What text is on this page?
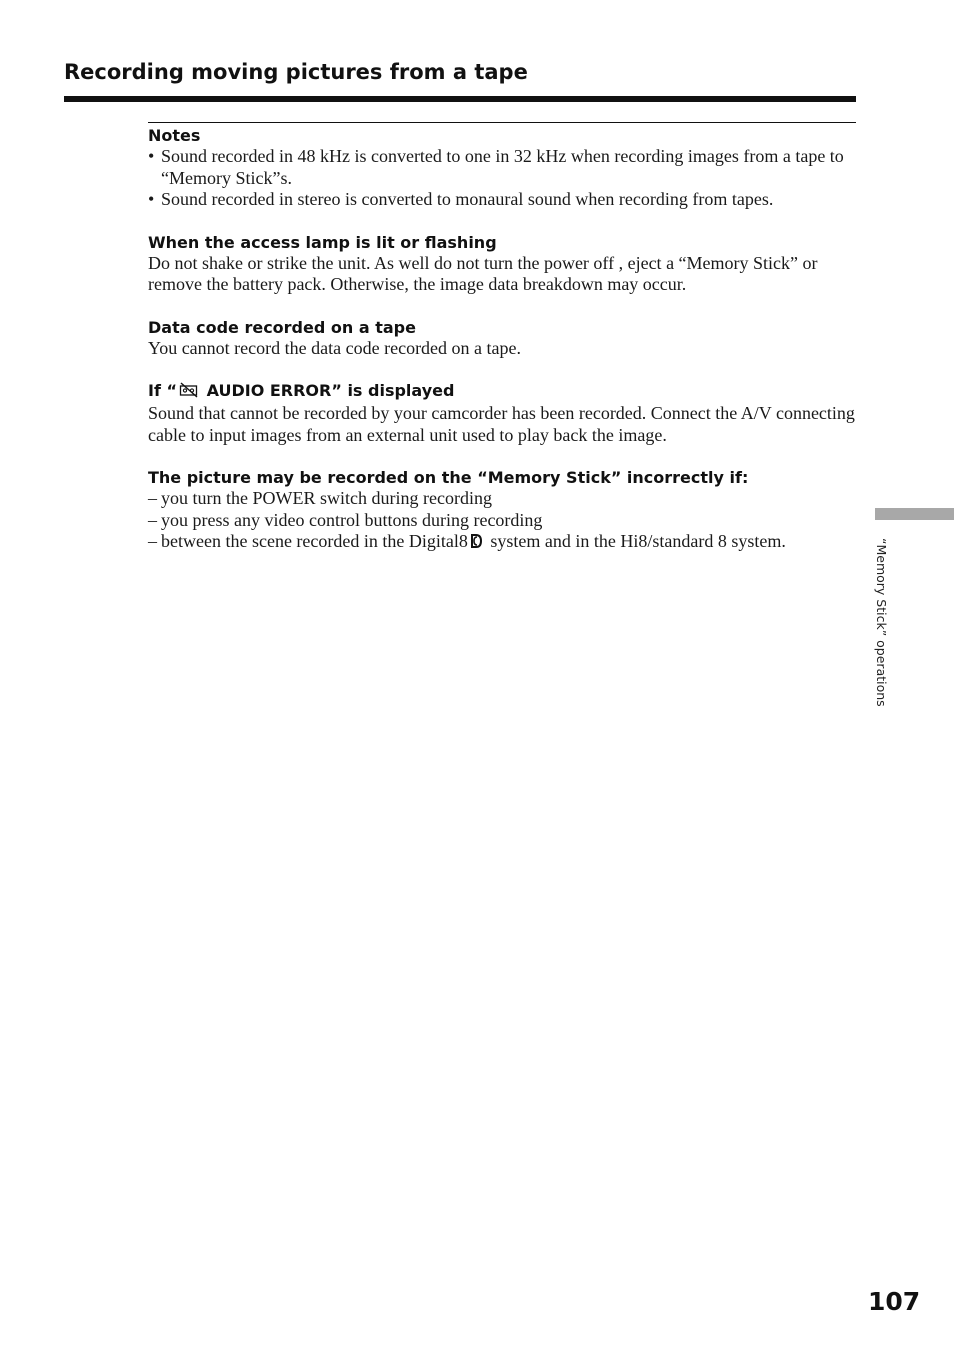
Recording moving pictures from a tape

Notes

• Sound recorded in 48 kHz is converted to one in 32 kHz when recording images from a tape to “Memory Stick”s.
• Sound recorded in stereo is converted to monaural sound when recording from tapes.

When the access lamp is lit or flashing

Do not shake or strike the unit. As well do not turn the power off , eject a “Memory Stick” or remove the battery pack. Otherwise, the image data breakdown may occur.

Data code recorded on a tape

You cannot record the data code recorded on a tape.

If “ AUDIO ERROR” is displayed

Sound that cannot be recorded by your camcorder has been recorded. Connect the A/V connecting cable to input images from an external unit used to play back the image.

The picture may be recorded on the “Memory Stick” incorrectly if:

– you turn the POWER switch during recording
– you press any video control buttons during recording
– between the scene recorded in the Digital8 system and in the Hi8/standard 8 system.	“Memory Stick” operations
107
